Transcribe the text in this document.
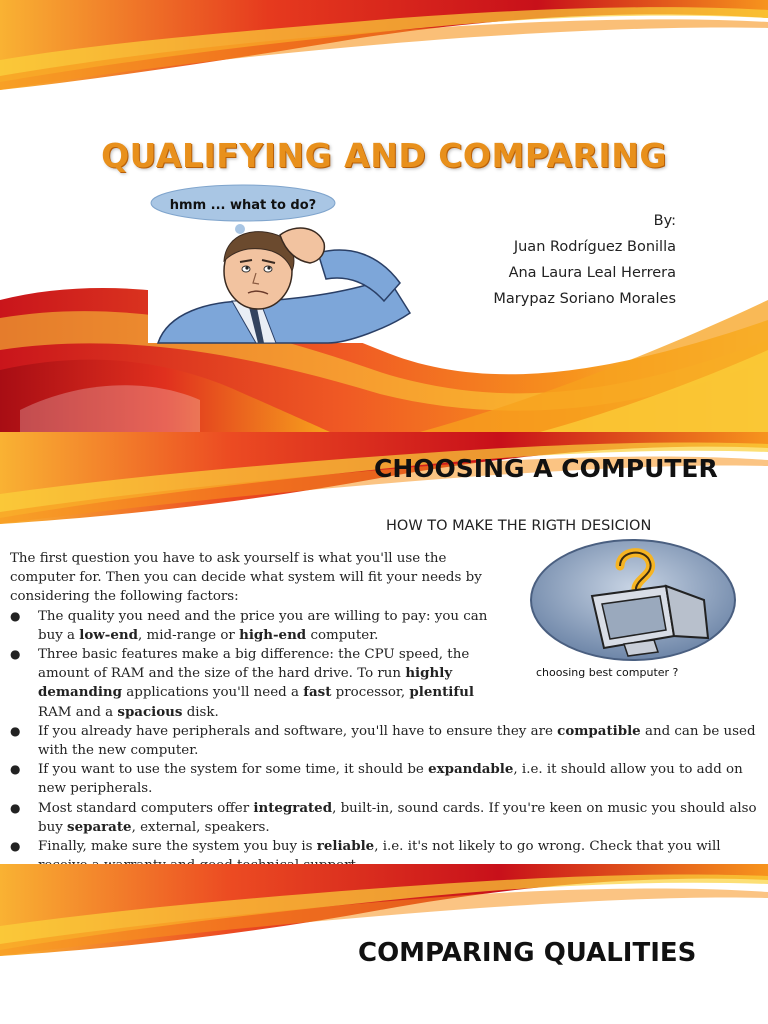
QUALIFYING AND COMPARING
hmm ... what to do?
By:
Juan Rodríguez Bonilla
Ana Laura Leal Herrera
Marypaz Soriano Morales
CHOOSING A COMPUTER
HOW TO MAKE THE RIGTH DESICION
choosing best computer ?

The first question you have to ask yourself is what you'll use the computer for. Then you can decide what system will fit your needs by considering the following factors:

● The quality you need and the price you are willing to pay: you can buy a low-end, mid-range or high-end computer.
● Three basic features make a big difference: the CPU speed, the amount of RAM and the size of the hard drive. To run highly demanding applications you'll need a fast processor, plentiful RAM and a spacious disk.
● If you already have peripherals and software, you'll have to ensure they are compatible and can be used with the new computer.
● If you want to use the system for some time, it should be expandable, i.e. it should allow you to add on new peripherals.
● Most standard computers offer integrated, built-in, sound cards. If you're keen on music you should also buy separate, external, speakers.
● Finally, make sure the system you buy is reliable, i.e. it's not likely to go wrong. Check that you will
COMPARING QUALITIES
